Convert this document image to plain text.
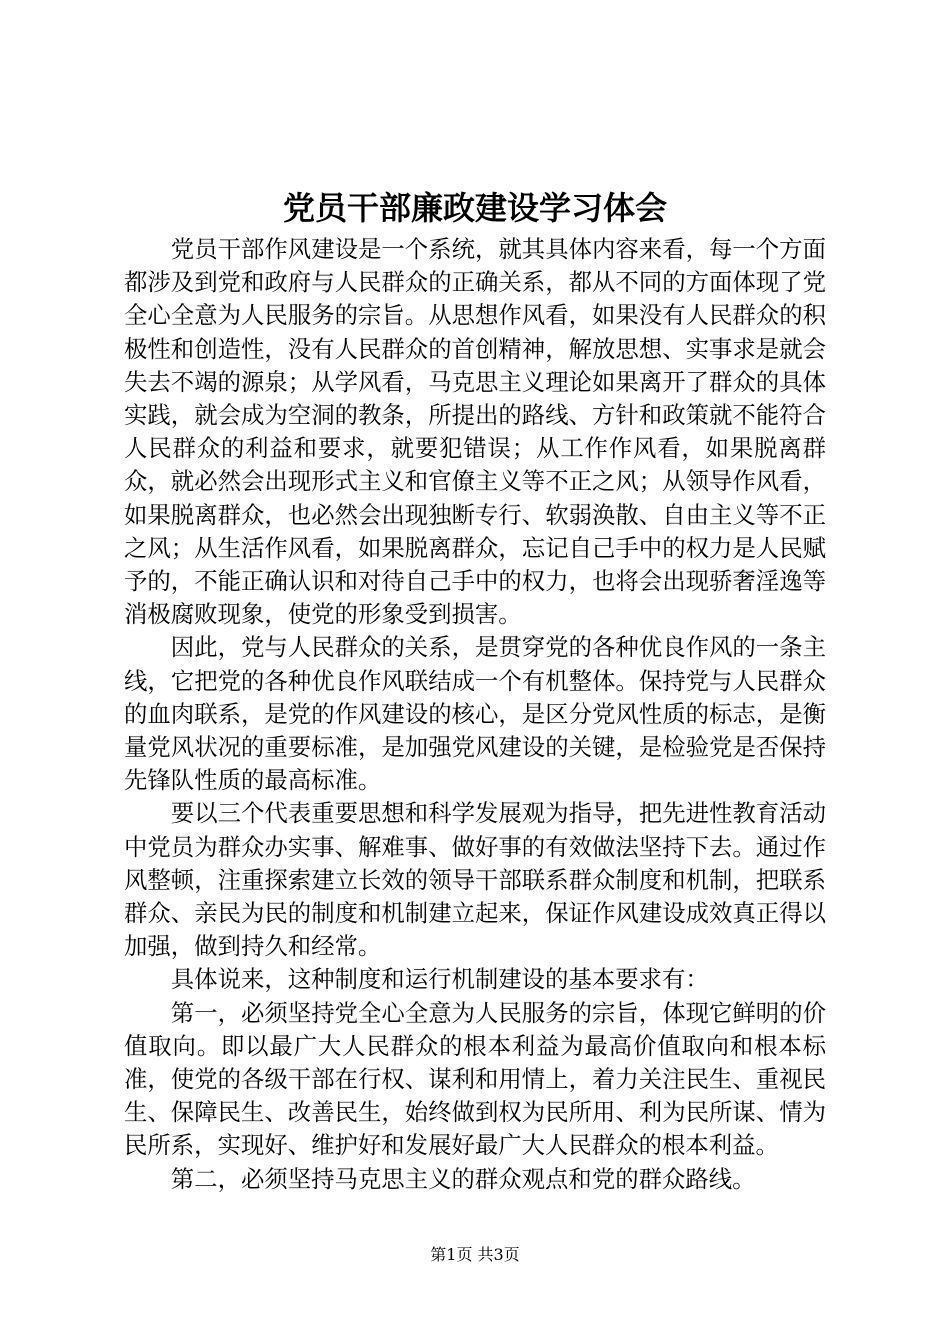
党员干部廉政建设学习体会

党员干部作风建设是一个系统，就其具体内容来看，每一个方面都涉及到党和政府与人民群众的正确关系，都从不同的方面体现了党全心全意为人民服务的宗旨。从思想作风看，如果没有人民群众的积极性和创造性，没有人民群众的首创精神，解放思想、实事求是就会失去不竭的源泉；从学风看，马克思主义理论如果离开了群众的具体实践，就会成为空洞的教条，所提出的路线、方针和政策就不能符合人民群众的利益和要求，就要犯错误；从工作作风看，如果脱离群众，就必然会出现形式主义和官僚主义等不正之风；从领导作风看，如果脱离群众，也必然会出现独断专行、软弱涣散、自由主义等不正之风；从生活作风看，如果脱离群众，忘记自己手中的权力是人民赋予的，不能正确认识和对待自己手中的权力，也将会出现骄奢淫逸等消极腐败现象，使党的形象受到损害。

因此，党与人民群众的关系，是贯穿党的各种优良作风的一条主线，它把党的各种优良作风联结成一个有机整体。保持党与人民群众的血肉联系，是党的作风建设的核心，是区分党风性质的标志，是衡量党风状况的重要标准，是加强党风建设的关键，是检验党是否保持先锋队性质的最高标准。

要以三个代表重要思想和科学发展观为指导，把先进性教育活动中党员为群众办实事、解难事、做好事的有效做法坚持下去。通过作风整顿，注重探索建立长效的领导干部联系群众制度和机制，把联系群众、亲民为民的制度和机制建立起来，保证作风建设成效真正得以加强，做到持久和经常。

具体说来，这种制度和运行机制建设的基本要求有：

第一，必须坚持党全心全意为人民服务的宗旨，体现它鲜明的价值取向。即以最广大人民群众的根本利益为最高价值取向和根本标准，使党的各级干部在行权、谋利和用情上，着力关注民生、重视民生、保障民生、改善民生，始终做到权为民所用、利为民所谋、情为民所系，实现好、维护好和发展好最广大人民群众的根本利益。

第二，必须坚持马克思主义的群众观点和党的群众路线。

第1页 共3页
